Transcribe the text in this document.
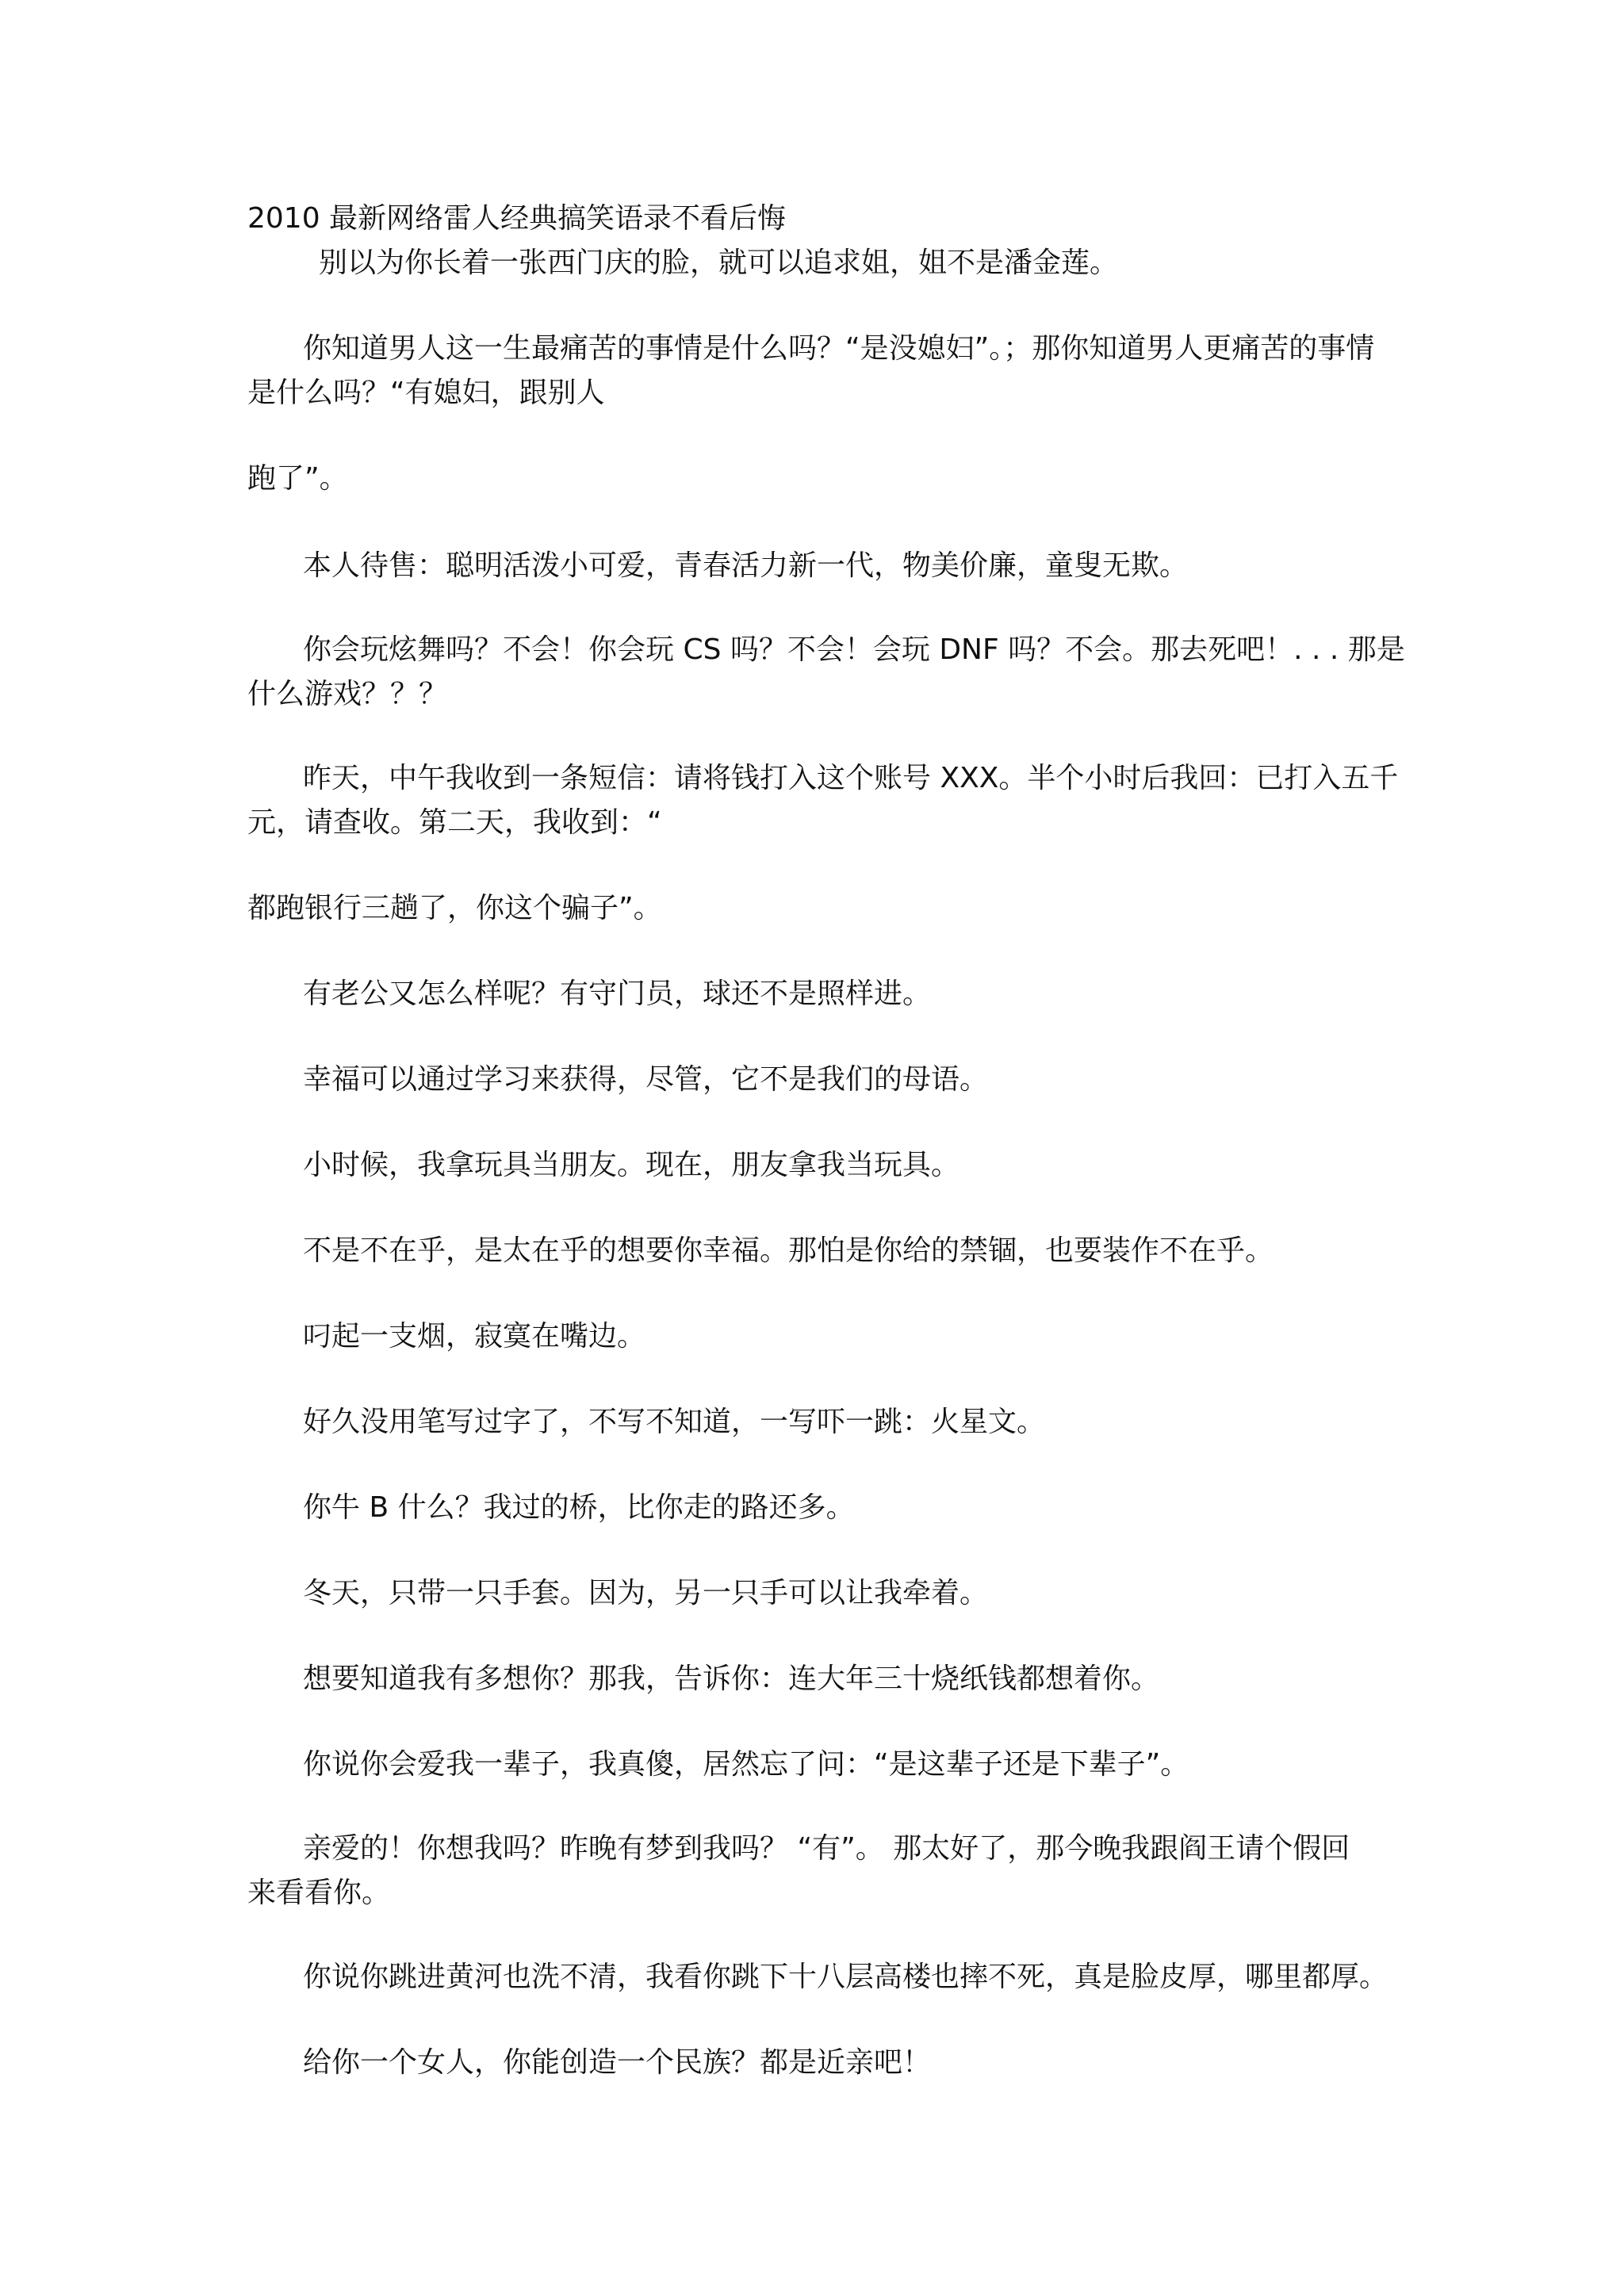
2010 最新网络雷人经典搞笑语录不看后悔

别以为你长着一张西门庆的脸，就可以追求姐，姐不是潘金莲。

你知道男人这一生最痛苦的事情是什么吗？“是没媳妇”。；那你知道男人更痛苦的事情

是什么吗？“有媳妇，跟别人

跑了”。

本人待售：聪明活泼小可爱，青春活力新一代，物美价廉，童叟无欺。

你会玩炫舞吗？不会！你会玩 CS 吗？不会！会玩 DNF 吗？不会。那去死吧！. . . 那是

什么游戏？？？

昨天，中午我收到一条短信：请将钱打入这个账号 XXX。半个小时后我回：已打入五千

元，请查收。第二天，我收到：“

都跑银行三趟了，你这个骗子”。

有老公又怎么样呢？有守门员，球还不是照样进。

幸福可以通过学习来获得，尽管，它不是我们的母语。

小时候，我拿玩具当朋友。现在，朋友拿我当玩具。

不是不在乎，是太在乎的想要你幸福。那怕是你给的禁锢，也要装作不在乎。

叼起一支烟，寂寞在嘴边。

好久没用笔写过字了，不写不知道，一写吓一跳：火星文。

你牛 B 什么？我过的桥，比你走的路还多。

冬天，只带一只手套。因为，另一只手可以让我牵着。

想要知道我有多想你？那我，告诉你：连大年三十烧纸钱都想着你。

你说你会爱我一辈子，我真傻，居然忘了问：“是这辈子还是下辈子”。

亲爱的！你想我吗？昨晚有梦到我吗？ “有”。 那太好了，那今晚我跟阎王请个假回

来看看你。

你说你跳进黄河也洗不清，我看你跳下十八层高楼也摔不死，真是脸皮厚，哪里都厚。

给你一个女人，你能创造一个民族？都是近亲吧！
